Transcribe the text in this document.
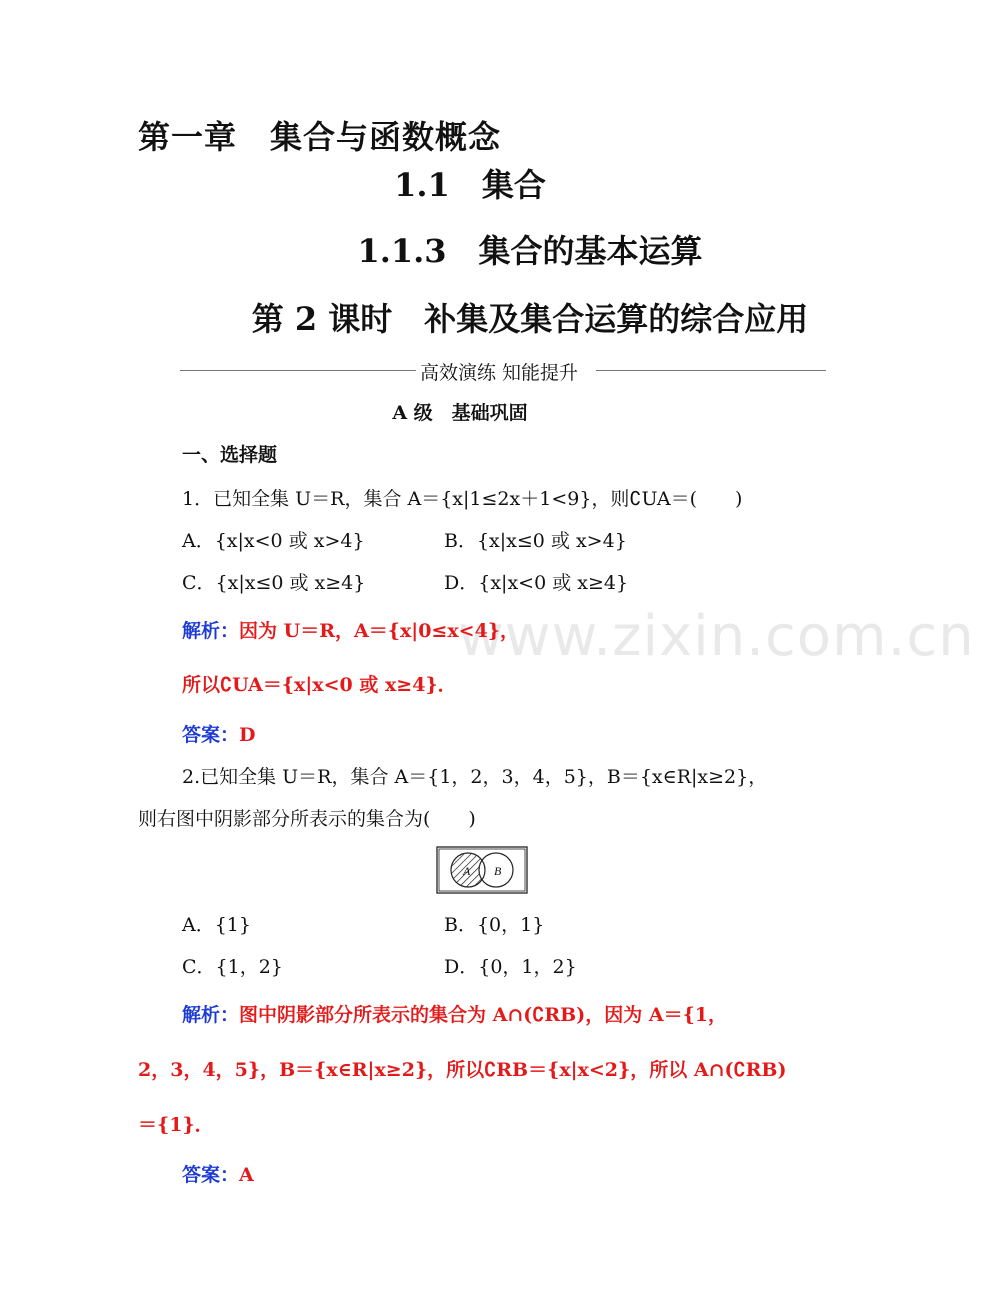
第一章　集合与函数概念
1.1　集合
1.1.3　集合的基本运算
第 2 课时　补集及集合运算的综合应用
高效演练 知能提升
A 级　基础巩固
一、选择题
www.zixin.com.cn
1．已知全集 U＝R，集合 A＝{x|1≤2x＋1<9}，则∁UA＝(　　)
A．{x|x<0 或 x>4}	B．{x|x≤0 或 x>4}
C．{x|x≤0 或 x≥4}	D．{x|x<0 或 x≥4}
解析：因为 U＝R，A＝{x|0≤x<4}，
所以∁UA＝{x|x<0 或 x≥4}．
答案：D
2.已知全集 U＝R，集合 A＝{1，2，3，4，5}，B＝{x∈R|x≥2}，
则右图中阴影部分所表示的集合为(　　)
A B
A．{1}	B．{0，1}
C．{1，2}	D．{0，1，2}
解析：图中阴影部分所表示的集合为 A∩(∁RB)，因为 A＝{1，
2，3，4，5}，B＝{x∈R|x≥2}，所以∁RB＝{x|x<2}，所以 A∩(∁RB)
＝{1}．
答案：A
